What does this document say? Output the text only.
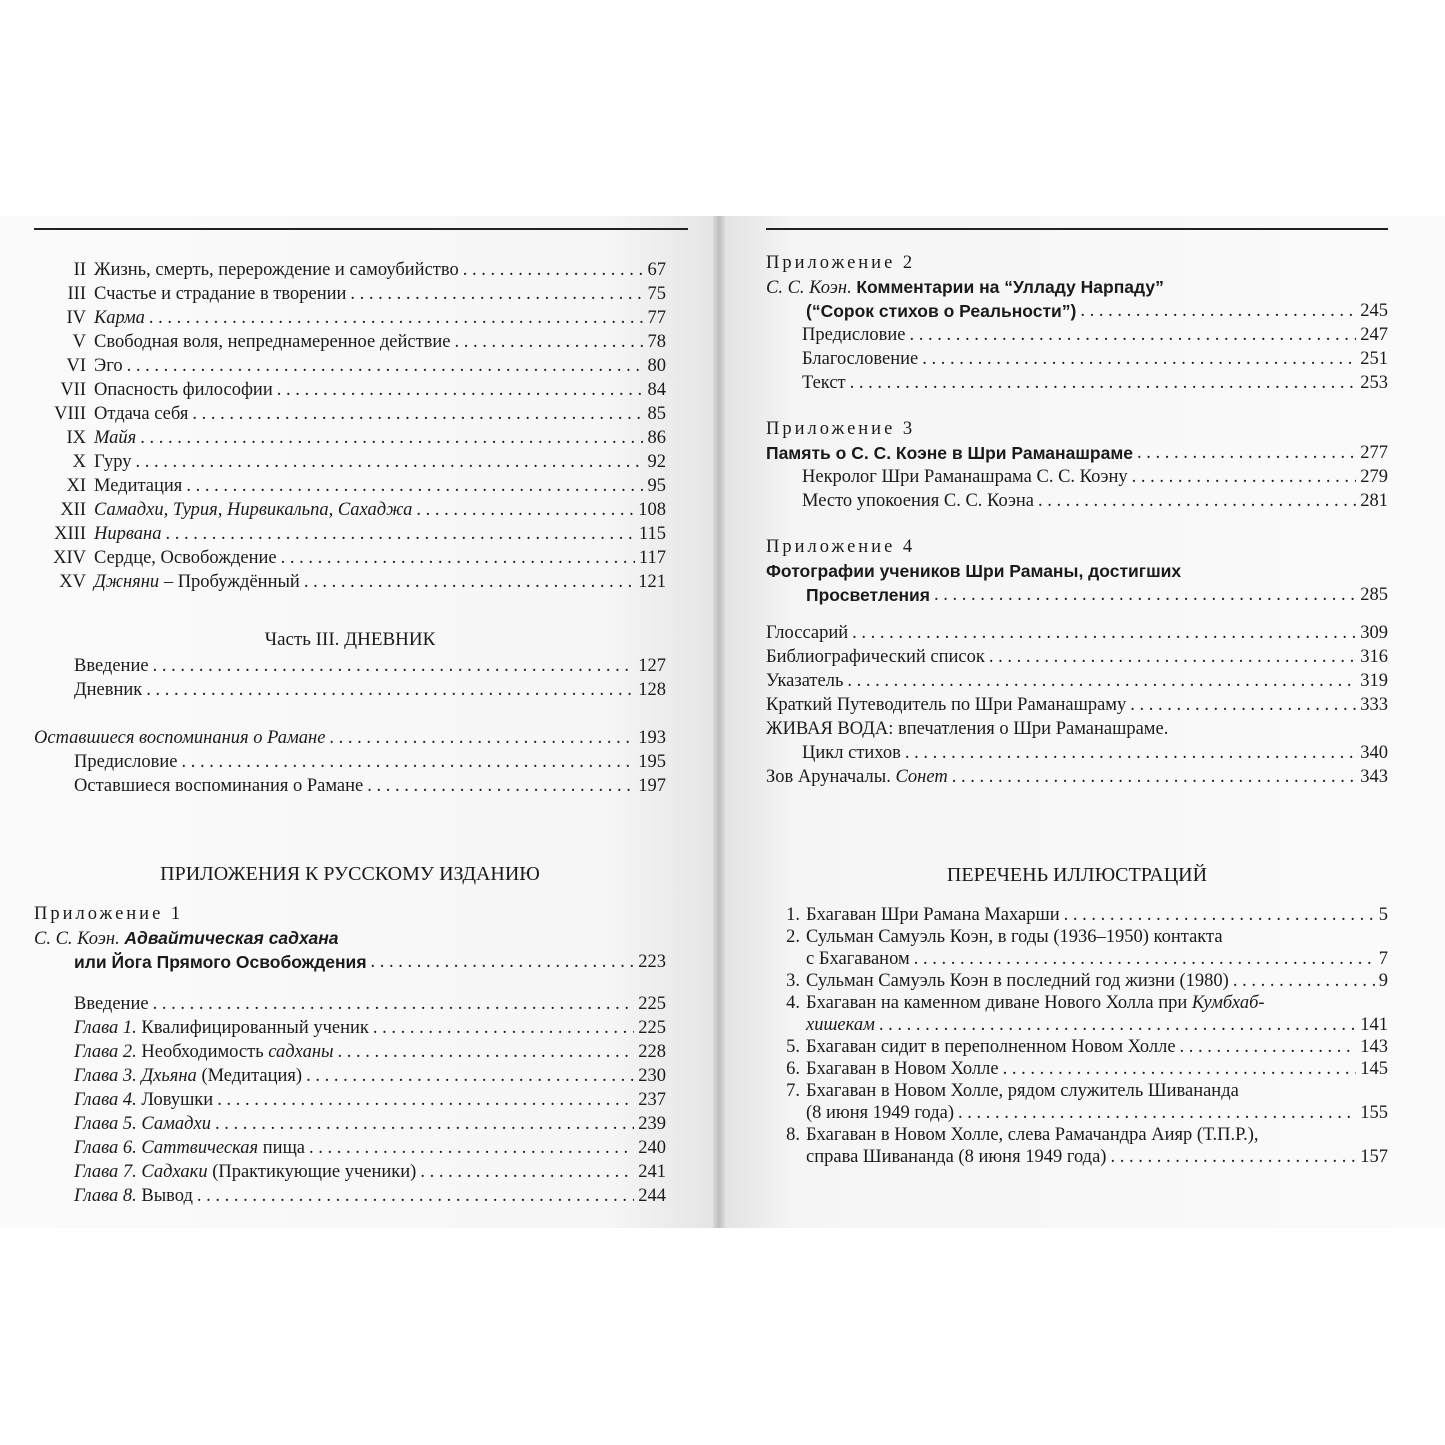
II Жизнь, смерть, перерождение и самоубийство . . .	67
III Счастье и страдание в творении . . .	75
IV Карма . . .	77
V Свободная воля, непреднамеренное действие . . .	78
VI Эго . . .	80
VII Опасность философии . . .	84
VIII Отдача себя . . .	85
IX Майя . . .	86
X Гуру . . .	92
XI Медитация . . .	95
XII Самадхи, Турия, Нирвикальпа, Сахаджа . . .	108
XIII Нирвана . . .	115
XIV Сердце, Освобождение . . .	117
XV Джняни – Пробуждённый . . .	121
Часть III. ДНЕВНИК
Введение . . .	127
Дневник . . .	128
Оставшиеся воспоминания о Рамане . . .	193
Предисловие . . .	195
Оставшиеся воспоминания о Рамане . . .	197
ПРИЛОЖЕНИЯ К РУССКОМУ ИЗДАНИЮ
Приложение 1
С. С. Коэн. Адвайтическая садхана
или Йога Прямого Освобождения . . .	223
Введение . . .	225
Глава 1. Квалифицированный ученик . . .	225
Глава 2. Необходимость садханы . . .	228
Глава 3. Дхьяна (Медитация) . . .	230
Глава 4. Ловушки . . .	237
Глава 5. Самадхи . . .	239
Глава 6. Саттвическая пища . . .	240
Глава 7. Садхаки (Практикующие ученики) . . .	241
Глава 8. Вывод . . .	244
Приложение 2
С. С. Коэн. Комментарии на “Улладу Нарпаду”
(“Сорок стихов о Реальности”) . . .	245
Предисловие . . .	247
Благословение . . .	251
Текст . . .	253
Приложение 3
Память о С. С. Коэне в Шри Раманашраме . . .	277
Некролог Шри Раманашрама С. С. Коэну . . .	279
Место упокоения С. С. Коэна . . .	281
Приложение 4
Фотографии учеников Шри Раманы, достигших
Просветления . . .	285
Глоссарий . . .	309
Библиографический список . . .	316
Указатель . . .	319
Краткий Путеводитель по Шри Раманашраму . . .	333
ЖИВАЯ ВОДА: впечатления о Шри Раманашраме.
Цикл стихов . . .	340
Зов Аруначалы. Сонет . . .	343
ПЕРЕЧЕНЬ ИЛЛЮСТРАЦИЙ
1. Бхагаван Шри Рамана Махарши . . .	5
2. Сульман Самуэль Коэн, в годы (1936–1950) контакта
с Бхагаваном . . .	7
3. Сульман Самуэль Коэн в последний год жизни (1980) . . .	9
4. Бхагаван на каменном диване Нового Холла при Кумбхаб-
хишекам . . .	141
5. Бхагаван сидит в переполненном Новом Холле . . .	143
6. Бхагаван в Новом Холле . . .	145
7. Бхагаван в Новом Холле, рядом служитель Шивананда
(8 июня 1949 года) . . .	155
8. Бхагаван в Новом Холле, слева Рамачандра Аияр (Т.П.Р.),
справа Шивананда (8 июня 1949 года) . . .	157
